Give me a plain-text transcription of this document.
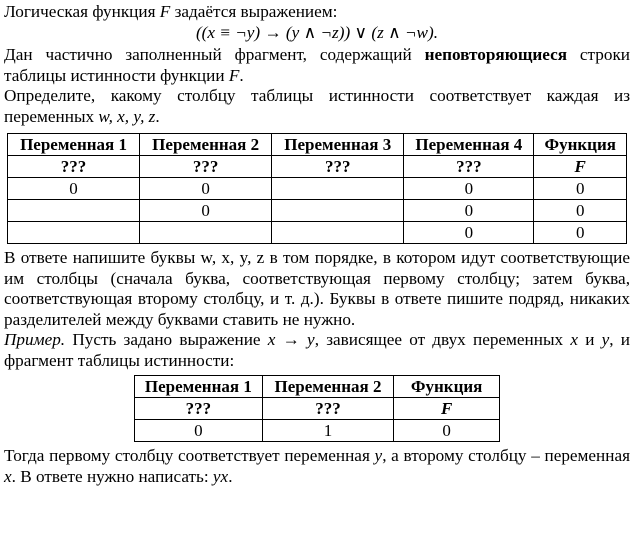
Логическая функция F задаётся выражением:

((x ≡ ¬y) → (y ∧ ¬z)) ∨ (z ∧ ¬w).

Дан частично заполненный фрагмент, содержащий неповторяющиеся строки таблицы истинности функции F.

Определите, какому столбцу таблицы истинности соответствует каждая из переменных w, x, y, z.

Переменная 1	Переменная 2	Переменная 3	Переменная 4	Функция
???	???	???	???	F
0	0		0	0
	0		0	0
			0	0

В ответе напишите буквы w, x, y, z в том порядке, в котором идут соответствующие им столбцы (сначала буква, соответствующая первому столбцу; затем буква, соответствующая второму столбцу, и т. д.). Буквы в ответе пишите подряд, никаких разделителей между буквами ставить не нужно.

Пример. Пусть задано выражение x → y, зависящее от двух переменных x и y, и фрагмент таблицы истинности:

Переменная 1	Переменная 2	Функция
???	???	F
0	1	0

Тогда первому столбцу соответствует переменная y, а второму столбцу – переменная x. В ответе нужно написать: yx.
